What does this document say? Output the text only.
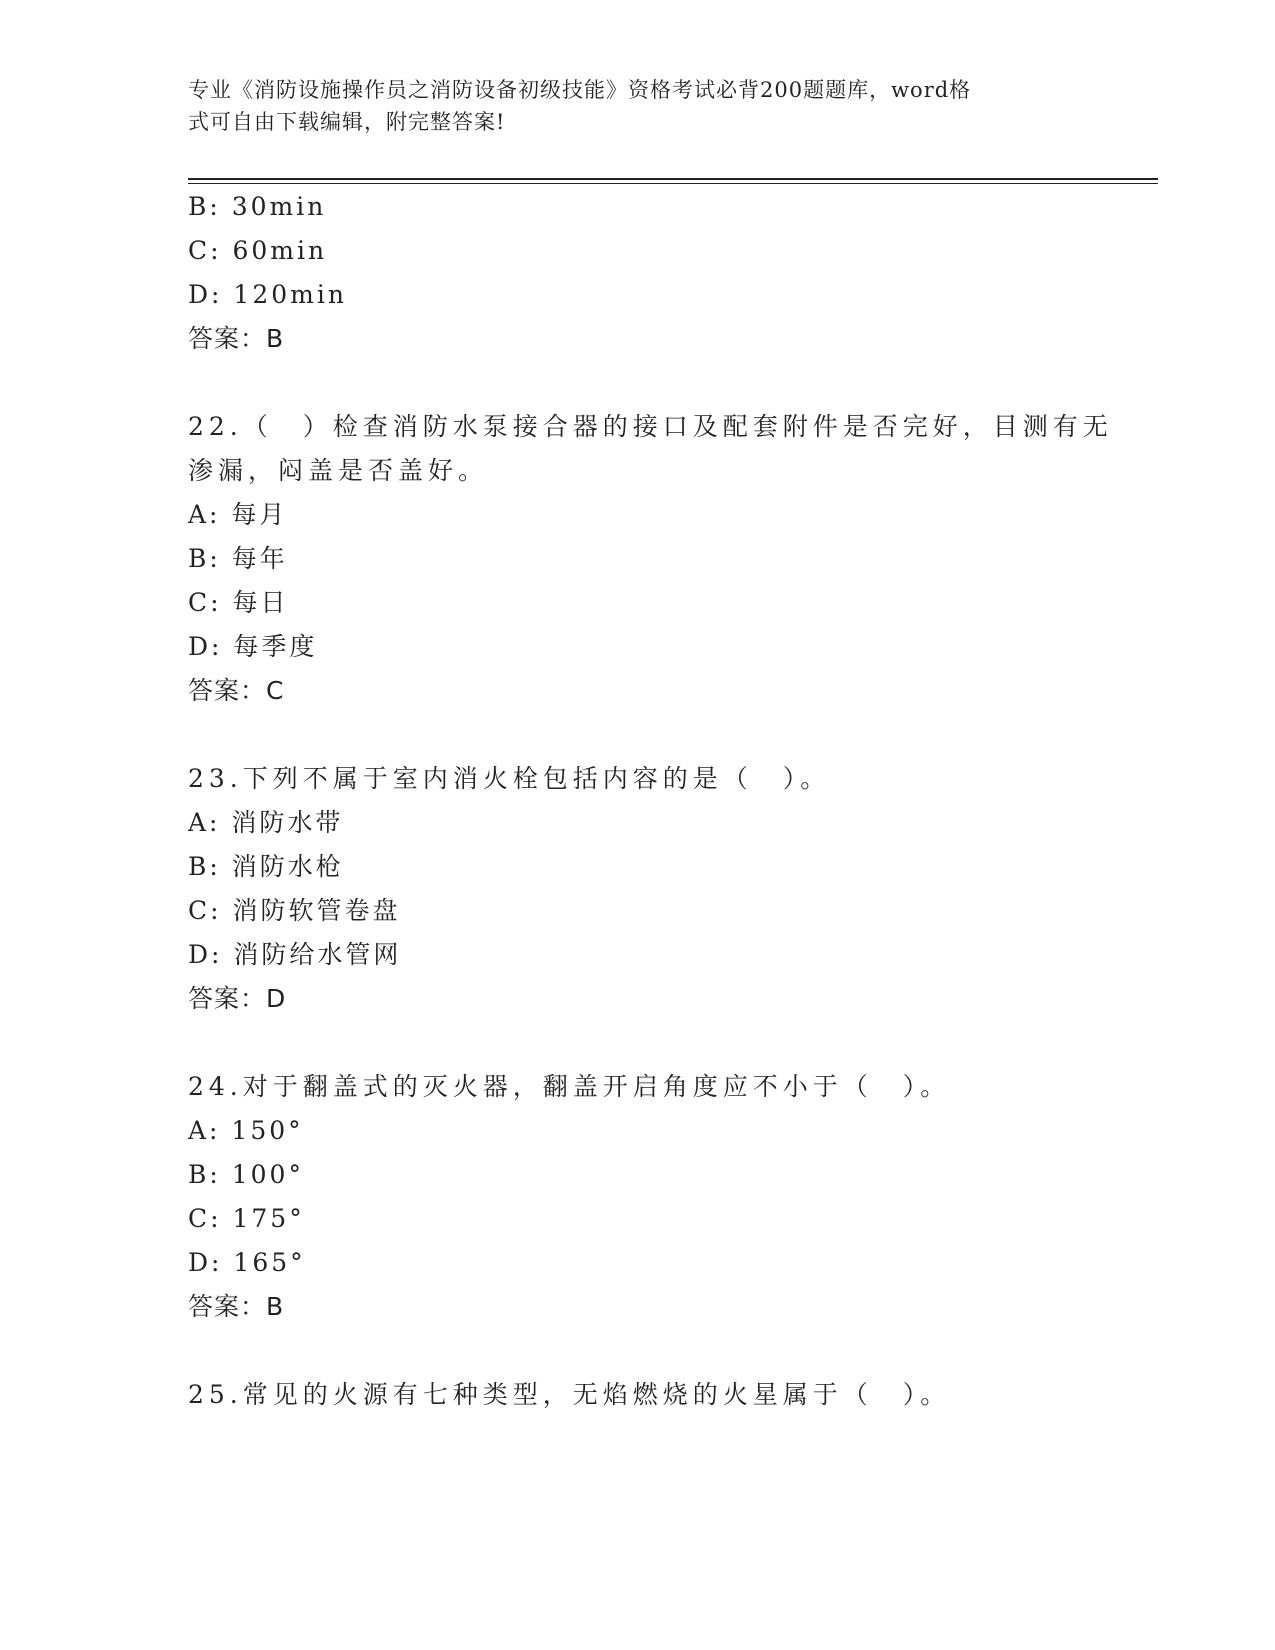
专业《消防设施操作员之消防设备初级技能》资格考试必背200题题库，word格
式可自由下载编辑，附完整答案!
B: 30min
C: 60min
D: 120min
答案：B
22.（　）检查消防水泵接合器的接口及配套附件是否完好，目测有无
渗漏，闷盖是否盖好。
A: 每月
B: 每年
C: 每日
D: 每季度
答案：C
23.下列不属于室内消火栓包括内容的是（　）。
A: 消防水带
B: 消防水枪
C: 消防软管卷盘
D: 消防给水管网
答案：D
24.对于翻盖式的灭火器，翻盖开启角度应不小于（　）。
A: 150°
B: 100°
C: 175°
D: 165°
答案：B
25.常见的火源有七种类型，无焰燃烧的火星属于（　）。
